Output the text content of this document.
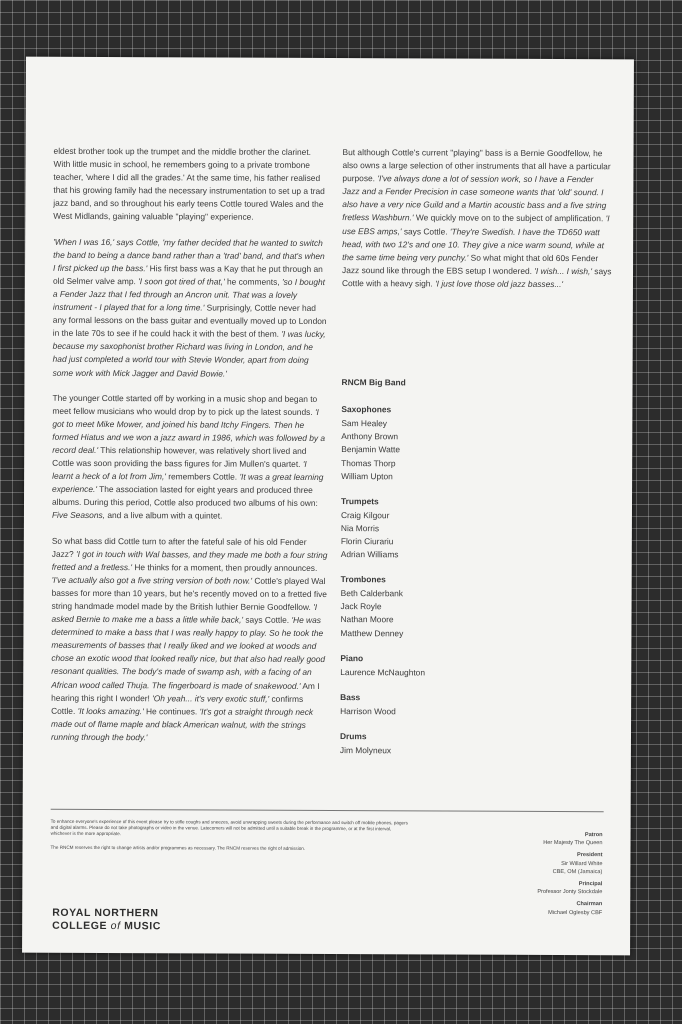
eldest brother took up the trumpet and the middle brother the clarinet. With little music in school, he remembers going to a private trombone teacher, 'where I did all the grades.' At the same time, his father realised that his growing family had the necessary instrumentation to set up a trad jazz band, and so throughout his early teens Cottle toured Wales and the West Midlands, gaining valuable "playing" experience.

'When I was 16,' says Cottle, 'my father decided that he wanted to switch the band to being a dance band rather than a 'trad' band, and that's when I first picked up the bass.' His first bass was a Kay that he put through an old Selmer valve amp. 'I soon got tired of that,' he comments, 'so I bought a Fender Jazz that I fed through an Ancron unit. That was a lovely instrument - I played that for a long time.' Surprisingly, Cottle never had any formal lessons on the bass guitar and eventually moved up to London in the late 70s to see if he could hack it with the best of them. 'I was lucky, because my saxophonist brother Richard was living in London, and he had just completed a world tour with Stevie Wonder, apart from doing some work with Mick Jagger and David Bowie.'

The younger Cottle started off by working in a music shop and began to meet fellow musicians who would drop by to pick up the latest sounds. 'I got to meet Mike Mower, and joined his band Itchy Fingers. Then he formed Hiatus and we won a jazz award in 1986, which was followed by a record deal.' This relationship however, was relatively short lived and Cottle was soon providing the bass figures for Jim Mullen's quartet. 'I learnt a heck of a lot from Jim,' remembers Cottle. 'It was a great learning experience.' The association lasted for eight years and produced three albums. During this period, Cottle also produced two albums of his own: Five Seasons, and a live album with a quintet.

So what bass did Cottle turn to after the fateful sale of his old Fender Jazz? 'I got in touch with Wal basses, and they made me both a four string fretted and a fretless.' He thinks for a moment, then proudly announces. 'I've actually also got a five string version of both now.' Cottle's played Wal basses for more than 10 years, but he's recently moved on to a fretted five string handmade model made by the British luthier Bernie Goodfellow. 'I asked Bernie to make me a bass a little while back,' says Cottle. 'He was determined to make a bass that I was really happy to play. So he took the measurements of basses that I really liked and we looked at woods and chose an exotic wood that looked really nice, but that also had really good resonant qualities. The body's made of swamp ash, with a facing of an African wood called Thuja. The fingerboard is made of snakewood.' Am I hearing this right I wonder! 'Oh yeah... it's very exotic stuff,' confirms Cottle. 'It looks amazing.' He continues. 'It's got a straight through neck made out of flame maple and black American walnut, with the strings running through the body.'

But although Cottle's current "playing" bass is a Bernie Goodfellow, he also owns a large selection of other instruments that all have a particular purpose. 'I've always done a lot of session work, so I have a Fender Jazz and a Fender Precision in case someone wants that 'old' sound. I also have a very nice Guild and a Martin acoustic bass and a five string fretless Washburn.' We quickly move on to the subject of amplification. 'I use EBS amps,' says Cottle. 'They're Swedish. I have the TD650 watt head, with two 12's and one 10. They give a nice warm sound, while at the same time being very punchy.' So what might that old 60s Fender Jazz sound like through the EBS setup I wondered. 'I wish... I wish,' says Cottle with a heavy sigh. 'I just love those old jazz basses...'

RNCM Big Band
Saxophones
Sam Healey
Anthony Brown
Benjamin Watte
Thomas Thorp
William Upton
Trumpets
Craig Kilgour
Nia Morris
Florin Ciurariu
Adrian Williams
Trombones
Beth Calderbank
Jack Royle
Nathan Moore
Matthew Denney
Piano
Laurence McNaughton
Bass
Harrison Wood
Drums
Jim Molyneux

To enhance everyone's experience of this event please try to stifle coughs and sneezes, avoid unwrapping sweets during the performance and switch off mobile phones, pagers and digital alarms. Please do not take photographs or video in the venue. Latecomers will not be admitted until a suitable break in the programme, or at the first interval, whichever is the more appropriate.

The RNCM reserves the right to change artists and/or programmes as necessary. The RNCM reserves the right of admission.

Patron
Her Majesty The Queen
President
Sir Willard White
CBE, OM (Jamaica)
Principal
Professor Jonty Stockdale
Chairman
Michael Oglesby CBF
ROYAL NORTHERN
COLLEGE of MUSIC
